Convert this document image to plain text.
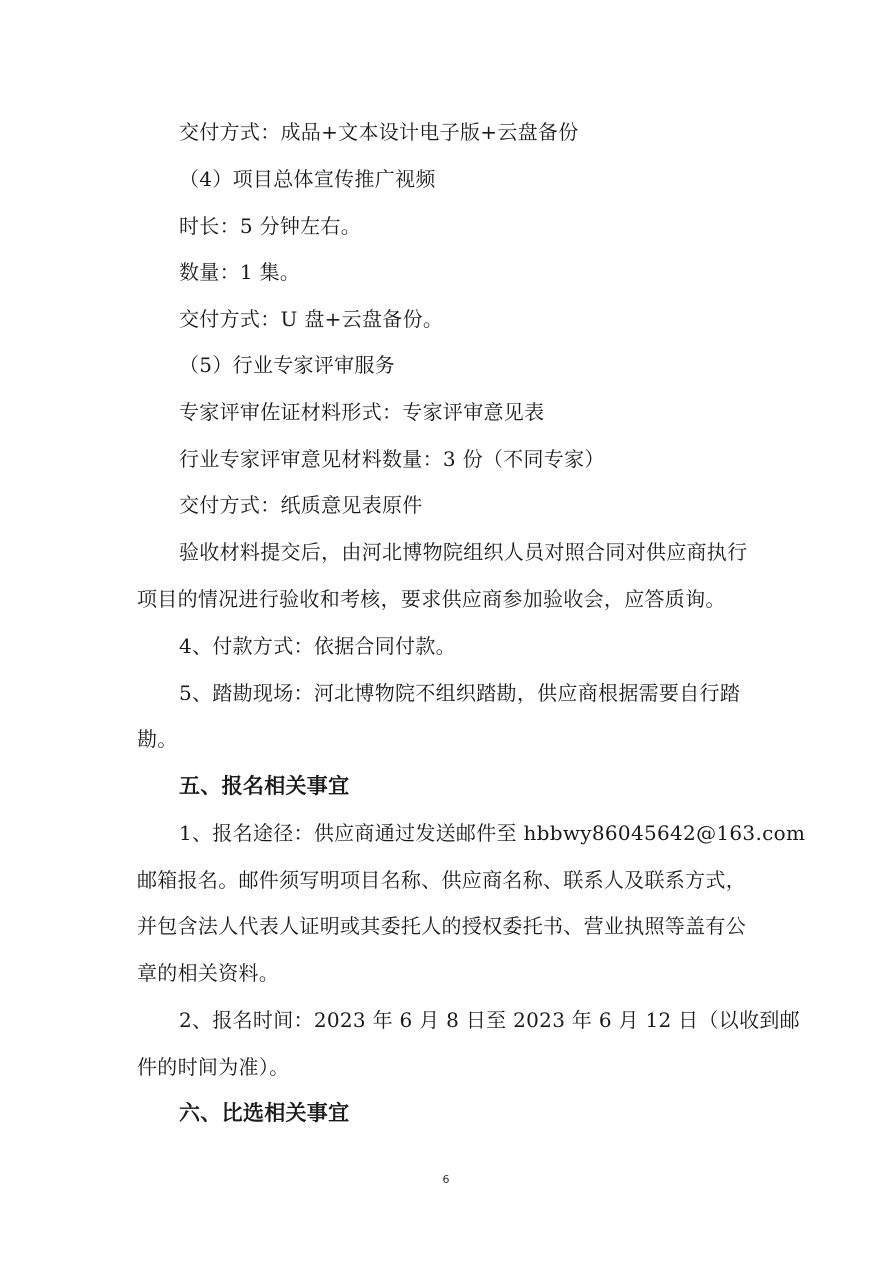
交付方式：成品+文本设计电子版+云盘备份
（4）项目总体宣传推广视频
时长：5 分钟左右。
数量：1 集。
交付方式：U 盘+云盘备份。
（5）行业专家评审服务
专家评审佐证材料形式：专家评审意见表
行业专家评审意见材料数量：3 份（不同专家）
交付方式：纸质意见表原件
验收材料提交后，由河北博物院组织人员对照合同对供应商执行
项目的情况进行验收和考核，要求供应商参加验收会，应答质询。
4、付款方式：依据合同付款。
5、踏勘现场：河北博物院不组织踏勘，供应商根据需要自行踏
勘。
五、报名相关事宜
1、报名途径：供应商通过发送邮件至 hbbwy86045642@163.com
邮箱报名。邮件须写明项目名称、供应商名称、联系人及联系方式，
并包含法人代表人证明或其委托人的授权委托书、营业执照等盖有公
章的相关资料。
2、报名时间：2023 年 6 月 8 日至 2023 年 6 月 12 日（以收到邮
件的时间为准）。
六、比选相关事宜
6
